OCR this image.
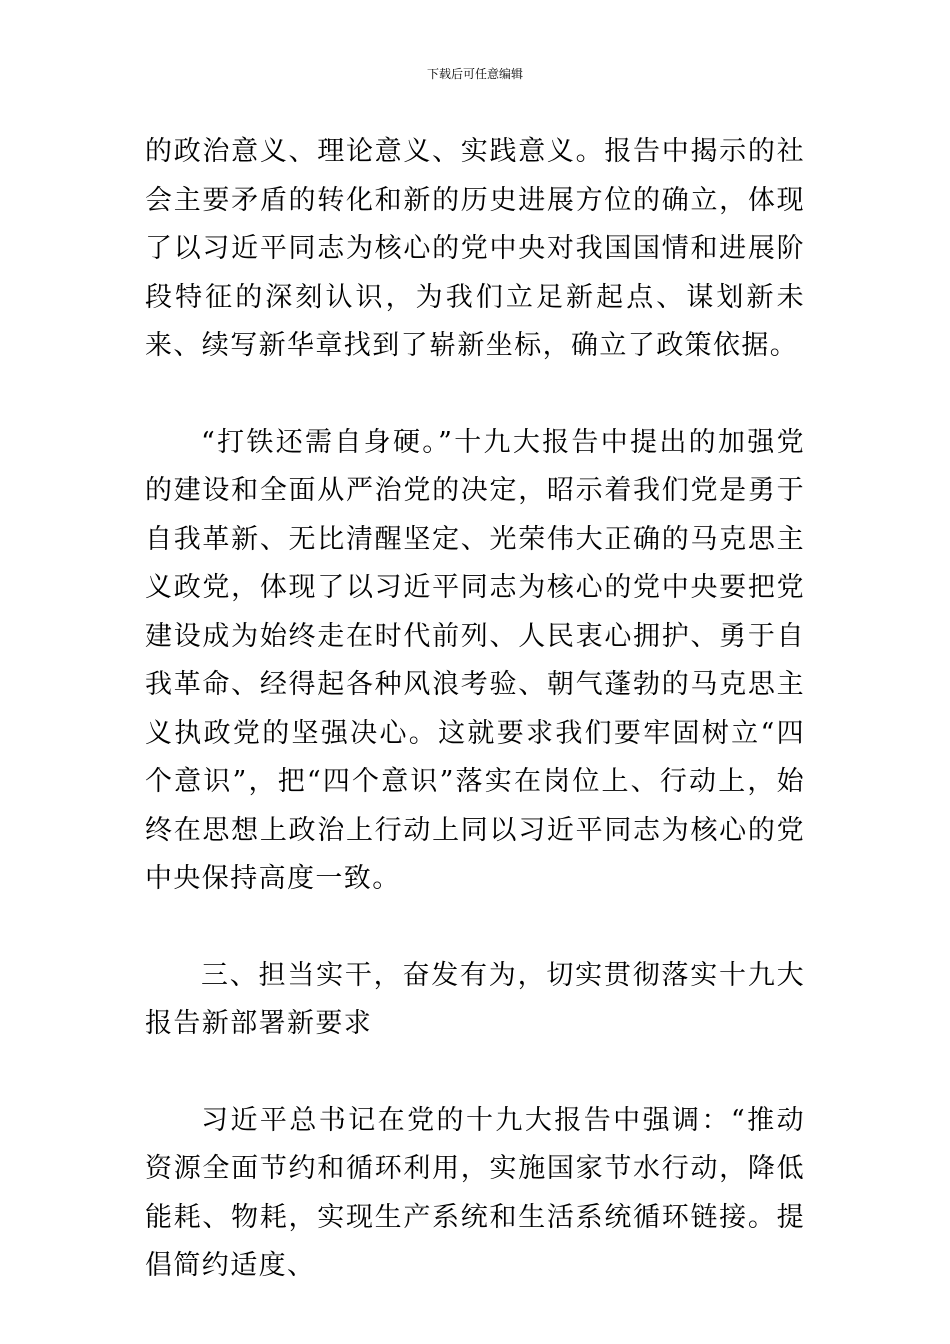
下载后可任意编辑

的政治意义、理论意义、实践意义。报告中揭示的社会主要矛盾的转化和新的历史进展方位的确立，体现了以习近平同志为核心的党中央对我国国情和进展阶段特征的深刻认识，为我们立足新起点、谋划新未来、续写新华章找到了崭新坐标，确立了政策依据。

“打铁还需自身硬。”十九大报告中提出的加强党的建设和全面从严治党的决定，昭示着我们党是勇于自我革新、无比清醒坚定、光荣伟大正确的马克思主义政党，体现了以习近平同志为核心的党中央要把党建设成为始终走在时代前列、人民衷心拥护、勇于自我革命、经得起各种风浪考验、朝气蓬勃的马克思主义执政党的坚强决心。这就要求我们要牢固树立“四个意识”，把“四个意识”落实在岗位上、行动上，始终在思想上政治上行动上同以习近平同志为核心的党中央保持高度一致。

三、担当实干，奋发有为，切实贯彻落实十九大报告新部署新要求

习近平总书记在党的十九大报告中强调：“推动资源全面节约和循环利用，实施国家节水行动，降低能耗、物耗，实现生产系统和生活系统循环链接。提倡简约适度、
